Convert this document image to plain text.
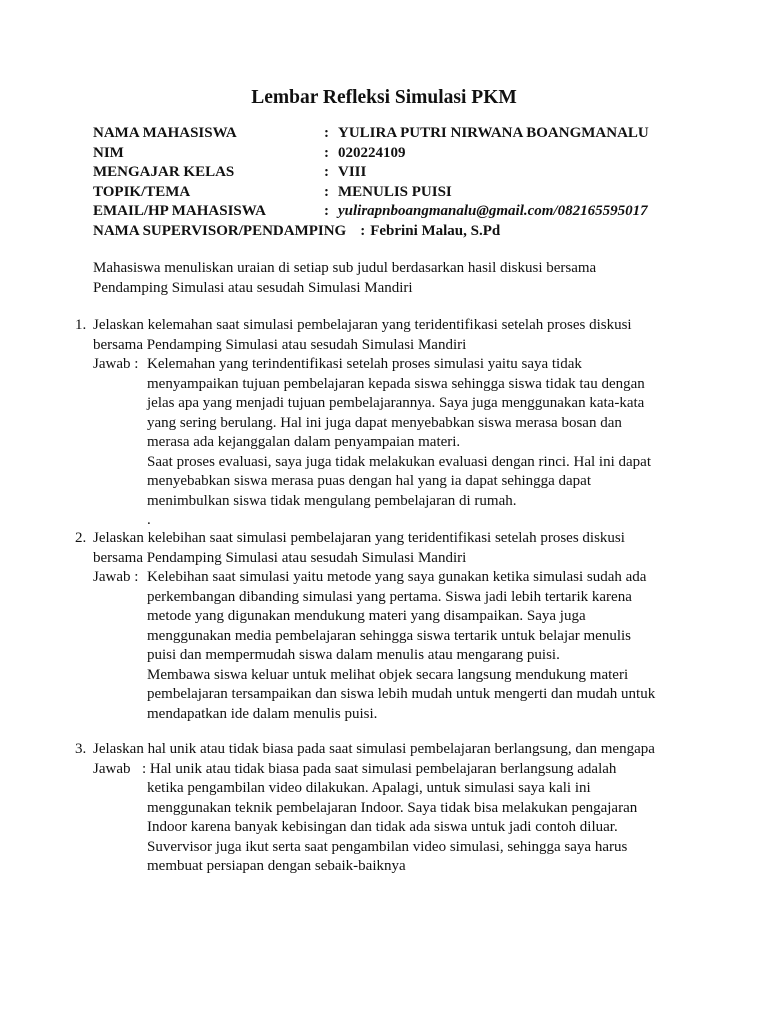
Lembar Refleksi Simulasi PKM
NAMA MAHASISWA	: YULIRA PUTRI NIRWANA BOANGMANALU
NIM	: 020224109
MENGAJAR KELAS	: VIII
TOPIK/TEMA	: MENULIS PUISI
EMAIL/HP MAHASISWA	: yulirapnboangmanalu@gmail.com/082165595017
NAMA SUPERVISOR/PENDAMPING : Febrini Malau, S.Pd
Mahasiswa menuliskan uraian di setiap sub judul berdasarkan hasil diskusi bersama
Pendamping Simulasi atau sesudah Simulasi Mandiri
1. Jelaskan kelemahan saat simulasi pembelajaran yang teridentifikasi setelah proses diskusi
bersama Pendamping Simulasi atau sesudah Simulasi Mandiri
Jawab : Kelemahan yang terindentifikasi setelah proses simulasi yaitu saya tidak
menyampaikan tujuan pembelajaran kepada siswa sehingga siswa tidak tau dengan
jelas apa yang menjadi tujuan pembelajarannya. Saya juga menggunakan kata-kata
yang sering berulang. Hal ini juga dapat menyebabkan siswa merasa bosan dan
merasa ada kejanggalan dalam penyampaian materi.
Saat proses evaluasi, saya juga tidak melakukan evaluasi dengan rinci. Hal ini dapat
menyebabkan siswa merasa puas dengan hal yang ia dapat sehingga dapat
menimbulkan siswa tidak mengulang pembelajaran di rumah.
.
2. Jelaskan kelebihan saat simulasi pembelajaran yang teridentifikasi setelah proses diskusi
bersama Pendamping Simulasi atau sesudah Simulasi Mandiri
Jawab : Kelebihan saat simulasi yaitu metode yang saya gunakan ketika simulasi sudah ada
perkembangan dibanding simulasi yang pertama. Siswa jadi lebih tertarik karena
metode yang digunakan mendukung materi yang disampaikan. Saya juga
menggunakan media pembelajaran sehingga siswa tertarik untuk belajar menulis
puisi dan mempermudah siswa dalam menulis atau mengarang puisi.
Membawa siswa keluar untuk melihat objek secara langsung mendukung materi
pembelajaran tersampaikan dan siswa lebih mudah untuk mengerti dan mudah untuk
mendapatkan ide dalam menulis puisi.
3. Jelaskan hal unik atau tidak biasa pada saat simulasi pembelajaran berlangsung, dan mengapa
Jawab : Hal unik atau tidak biasa pada saat simulasi pembelajaran berlangsung adalah
ketika pengambilan video dilakukan. Apalagi, untuk simulasi saya kali ini
menggunakan teknik pembelajaran Indoor. Saya tidak bisa melakukan pengajaran
Indoor karena banyak kebisingan dan tidak ada siswa untuk jadi contoh diluar.
Suvervisor juga ikut serta saat pengambilan video simulasi, sehingga saya harus
membuat persiapan dengan sebaik-baiknya
